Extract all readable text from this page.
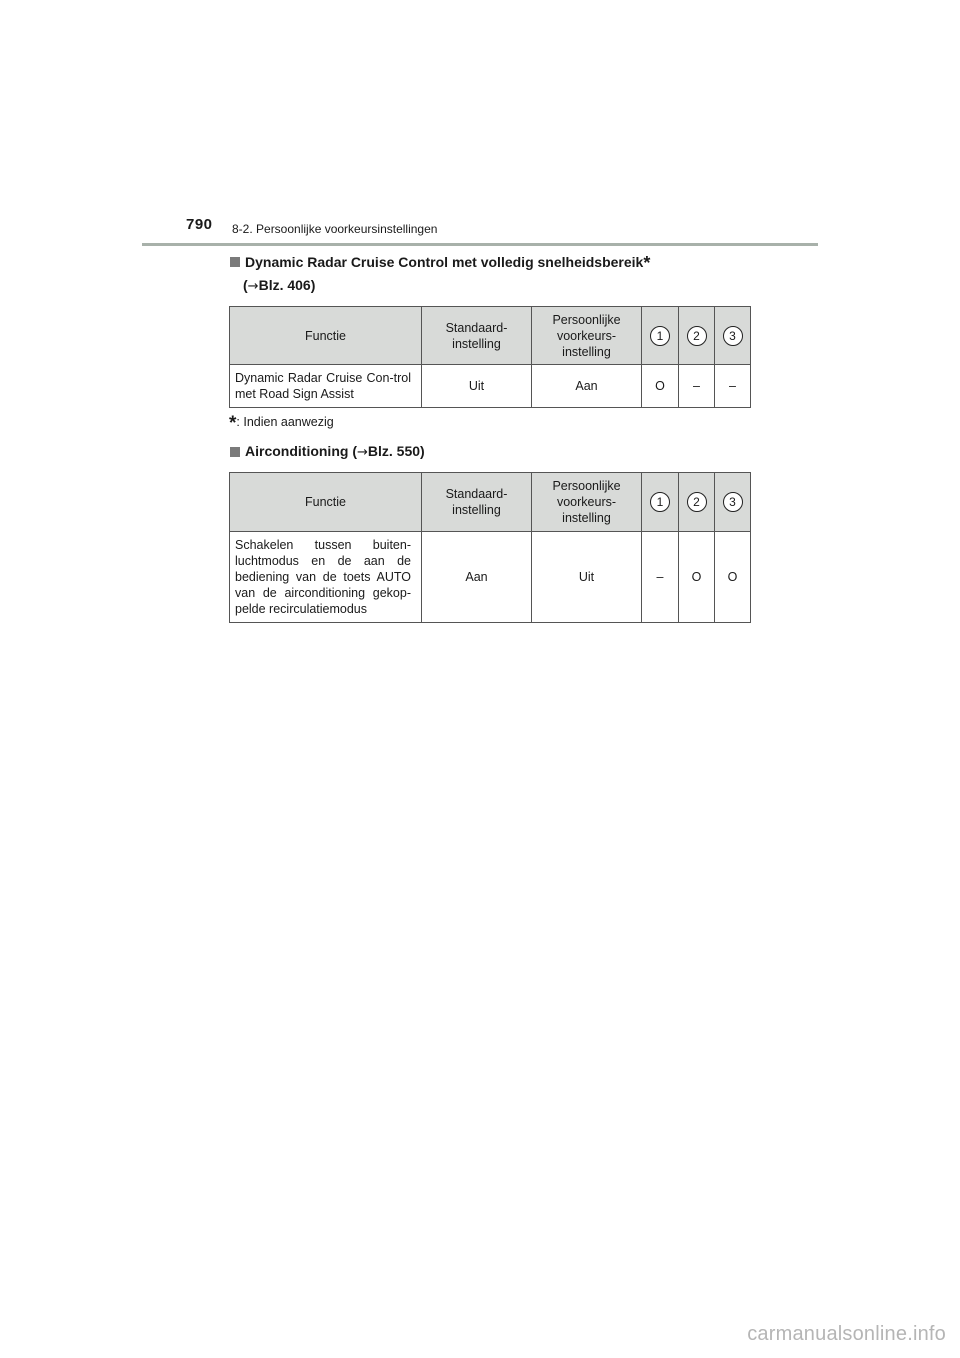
790 8-2. Persoonlijke voorkeursinstellingen
Dynamic Radar Cruise Control met volledig snelheidsbereik*
(→Blz. 406)
Functie	Standaard-instelling	Persoonlijke voorkeurs-instelling	1	2	3
Dynamic Radar Cruise Con-trol met Road Sign Assist	Uit	Aan	O	–	–
*: Indien aanwezig
Airconditioning ( → Blz. 550)
Functie	Standaard-instelling	Persoonlijke voorkeurs-instelling	1	2	3
Schakelen tussen buiten-luchtmodus en de aan de bediening van de toets AUTO van de airconditioning gekop-pelde recirculatiemodus	Aan	Uit	–	O	O
carmanualsonline.info
